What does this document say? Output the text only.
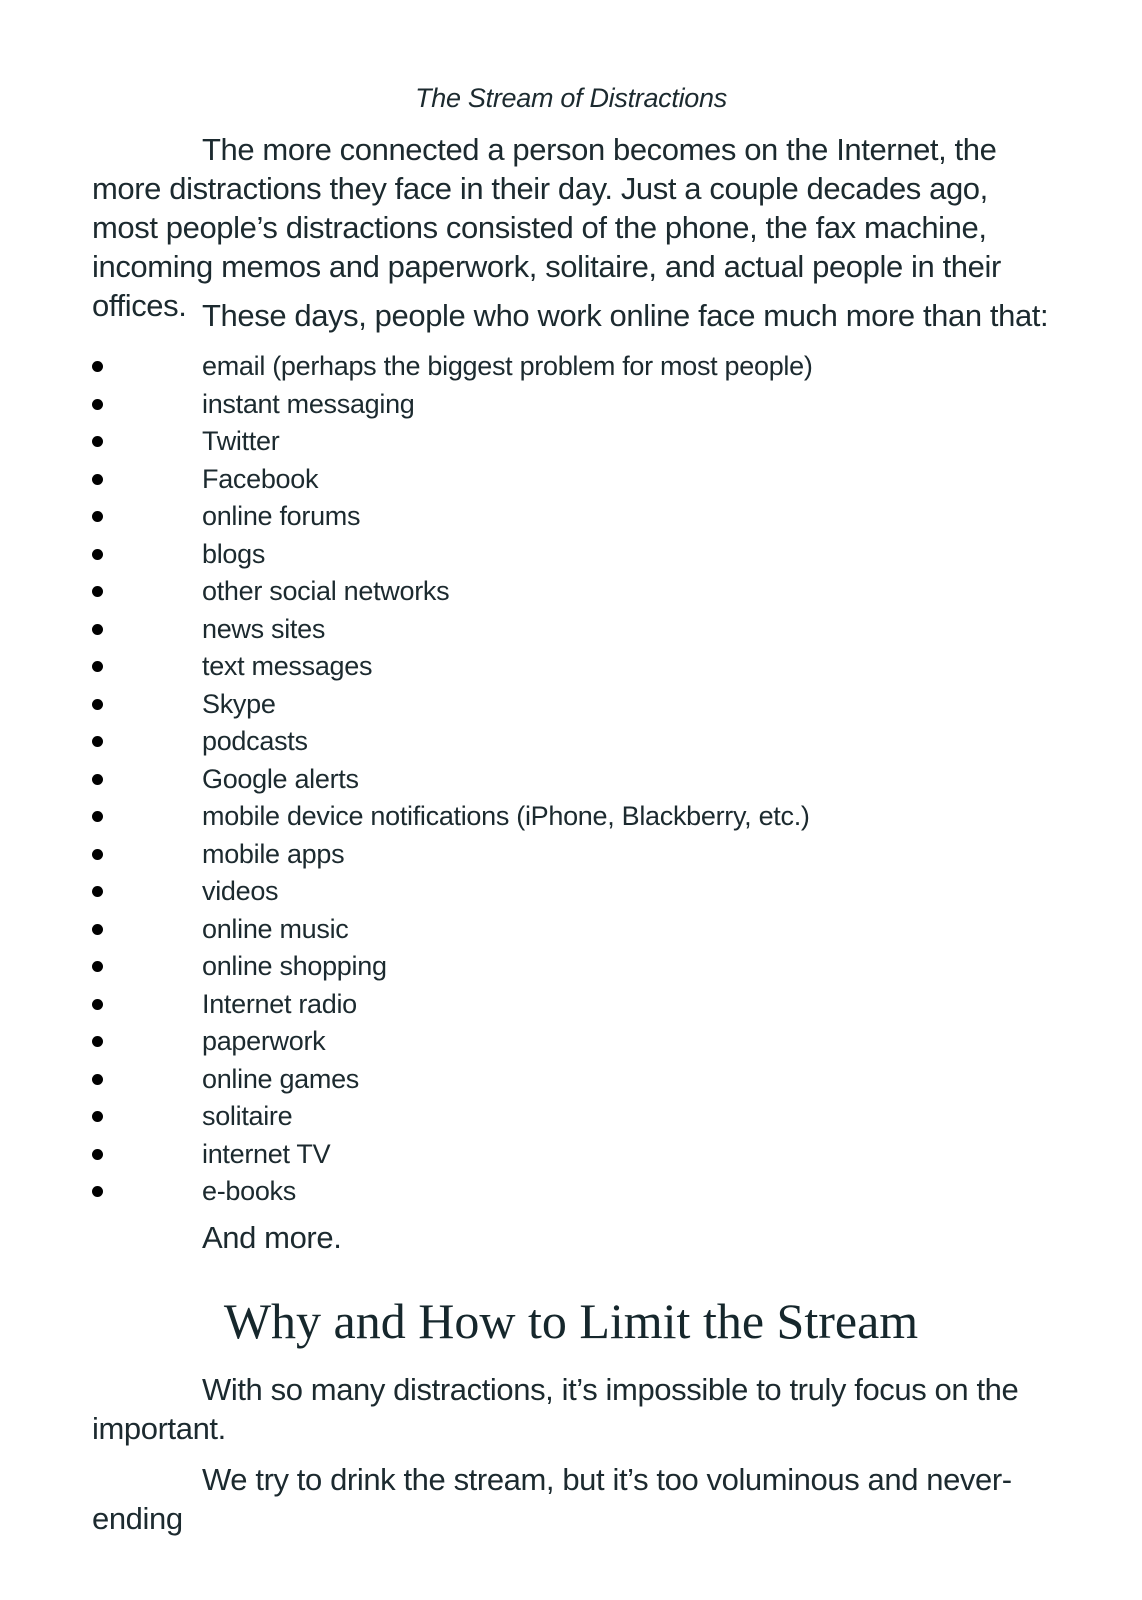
The Stream of Distractions

The more connected a person becomes on the Internet, the more distractions they face in their day. Just a couple decades ago, most people’s distractions consisted of the phone, the fax machine, incoming memos and paperwork, solitaire, and actual people in their offices. These days, people who work online face much more than that:

email (perhaps the biggest problem for most people)
instant messaging
Twitter
Facebook
online forums
blogs
other social networks
news sites
text messages
Skype
podcasts
Google alerts
mobile device notifications (iPhone, Blackberry, etc.)
mobile apps
videos
online music
online shopping
Internet radio
paperwork
online games
solitaire
internet TV
e-books

And more.

Why and How to Limit the Stream

With so many distractions, it’s impossible to truly focus on the important.

We try to drink the stream, but it’s too voluminous and never-ending
